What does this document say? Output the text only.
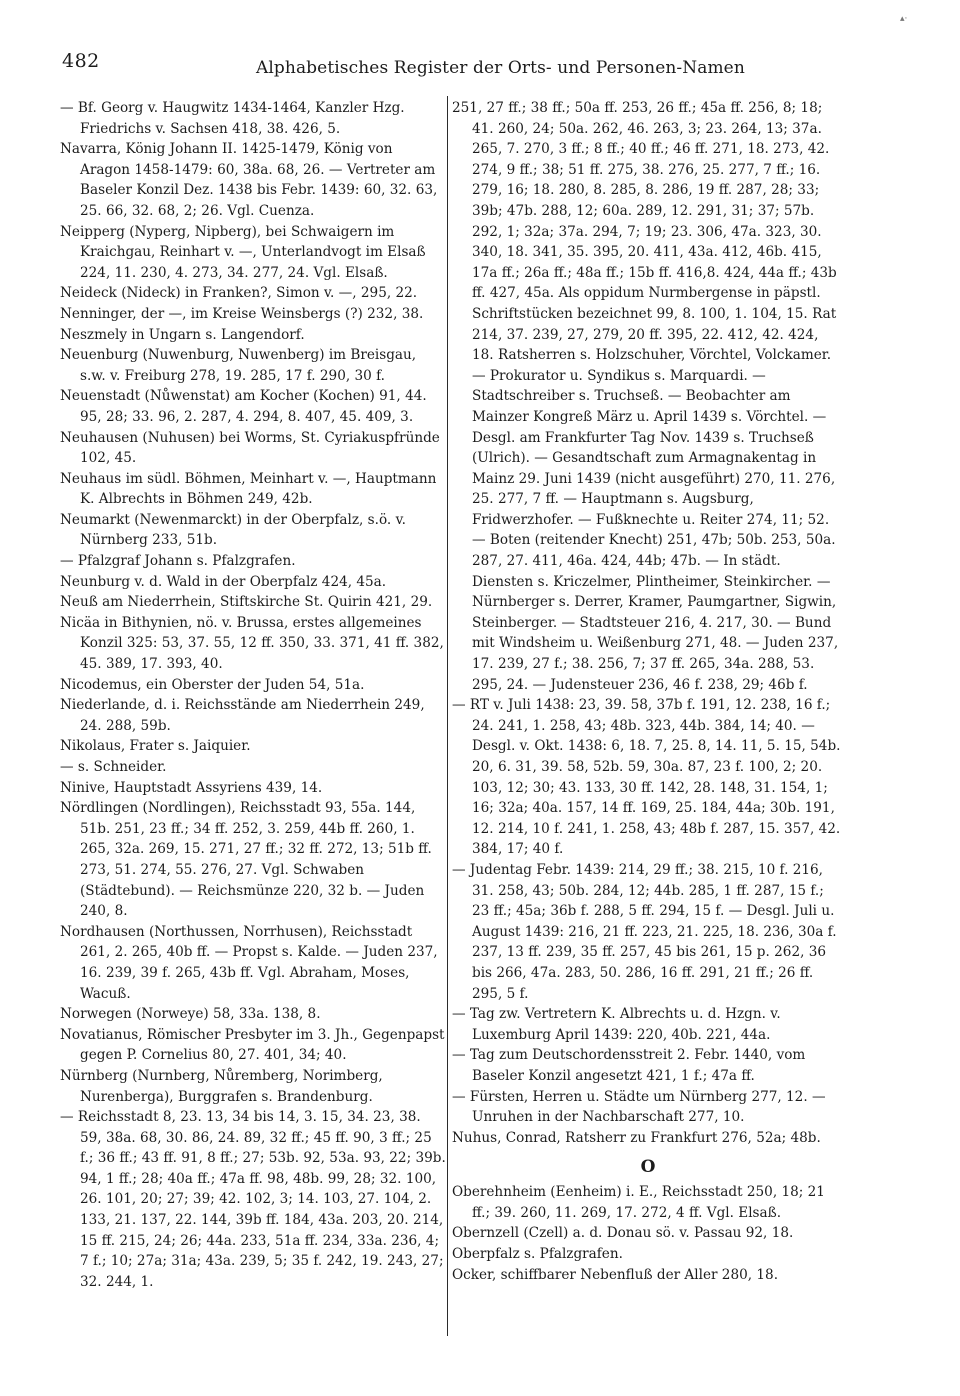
▴·
482	Alphabetisches Register der Orts- und Personen-Namen

— Bf. Georg v. Haugwitz 1434-1464, Kanzler Hzg. Friedrichs v. Sachsen 418, 38. 426, 5.

Navarra, König Johann II. 1425-1479, König von Aragon 1458-1479: 60, 38a. 68, 26. — Vertreter am Baseler Konzil Dez. 1438 bis Febr. 1439: 60, 32. 63, 25. 66, 32. 68, 2; 26. Vgl. Cuenza.

Neipperg (Nyperg, Nipberg), bei Schwaigern im Kraichgau, Reinhart v. —, Unterlandvogt im Elsaß 224, 11. 230, 4. 273, 34. 277, 24. Vgl. Elsaß.

Neideck (Nideck) in Franken?, Simon v. —, 295, 22.

Nenninger, der —, im Kreise Weinsbergs (?) 232, 38.

Neszmely in Ungarn s. Langendorf.

Neuenburg (Nuwenburg, Nuwenberg) im Breisgau, s.w. v. Freiburg 278, 19. 285, 17 f. 290, 30 f.

Neuenstadt (Nůwenstat) am Kocher (Kochen) 91, 44. 95, 28; 33. 96, 2. 287, 4. 294, 8. 407, 45. 409, 3.

Neuhausen (Nuhusen) bei Worms, St. Cyriakuspfründe 102, 45.

Neuhaus im südl. Böhmen, Meinhart v. —, Hauptmann K. Albrechts in Böhmen 249, 42b.

Neumarkt (Newenmarckt) in der Oberpfalz, s.ö. v. Nürnberg 233, 51b.

— Pfalzgraf Johann s. Pfalzgrafen.

Neunburg v. d. Wald in der Oberpfalz 424, 45a.

Neuß am Niederrhein, Stiftskirche St. Quirin 421, 29.

Nicäa in Bithynien, nö. v. Brussa, erstes allgemeines Konzil 325: 53, 37. 55, 12 ff. 350, 33. 371, 41 ff. 382, 45. 389, 17. 393, 40.

Nicodemus, ein Oberster der Juden 54, 51a.

Niederlande, d. i. Reichsstände am Niederrhein 249, 24. 288, 59b.

Nikolaus, Frater s. Jaiquier.

— s. Schneider.

Ninive, Hauptstadt Assyriens 439, 14.

Nördlingen (Nordlingen), Reichsstadt 93, 55a. 144, 51b. 251, 23 ff.; 34 ff. 252, 3. 259, 44b ff. 260, 1. 265, 32a. 269, 15. 271, 27 ff.; 32 ff. 272, 13; 51b ff. 273, 51. 274, 55. 276, 27. Vgl. Schwaben (Städtebund). — Reichsmünze 220, 32 b. — Juden 240, 8.

Nordhausen (Northussen, Norrhusen), Reichsstadt 261, 2. 265, 40b ff. — Propst s. Kalde. — Juden 237, 16. 239, 39 f. 265, 43b ff. Vgl. Abraham, Moses, Wacuß.

Norwegen (Norweye) 58, 33a. 138, 8.

Novatianus, Römischer Presbyter im 3. Jh., Gegenpapst gegen P. Cornelius 80, 27. 401, 34; 40.

Nürnberg (Nurnberg, Nůremberg, Norimberg, Nurenberga), Burggrafen s. Brandenburg.

— Reichsstadt 8, 23. 13, 34 bis 14, 3. 15, 34. 23, 38. 59, 38a. 68, 30. 86, 24. 89, 32 ff.; 45 ff. 90, 3 ff.; 25 f.; 36 ff.; 43 ff. 91, 8 ff.; 27; 53b. 92, 53a. 93, 22; 39b. 94, 1 ff.; 28; 40a ff.; 47a ff. 98, 48b. 99, 28; 32. 100, 26. 101, 20; 27; 39; 42. 102, 3; 14. 103, 27. 104, 2. 133, 21. 137, 22. 144, 39b ff. 184, 43a. 203, 20. 214, 15 ff. 215, 24; 26; 44a. 233, 51a ff. 234, 33a. 236, 4; 7 f.; 10; 27a; 31a; 43a. 239, 5; 35 f. 242, 19. 243, 27; 32. 244, 1.

251, 27 ff.; 38 ff.; 50a ff. 253, 26 ff.; 45a ff. 256, 8; 18; 41. 260, 24; 50a. 262, 46. 263, 3; 23. 264, 13; 37a. 265, 7. 270, 3 ff.; 8 ff.; 40 ff.; 46 ff. 271, 18. 273, 42. 274, 9 ff.; 38; 51 ff. 275, 38. 276, 25. 277, 7 ff.; 16. 279, 16; 18. 280, 8. 285, 8. 286, 19 ff. 287, 28; 33; 39b; 47b. 288, 12; 60a. 289, 12. 291, 31; 37; 57b. 292, 1; 32a; 37a. 294, 7; 19; 23. 306, 47a. 323, 30. 340, 18. 341, 35. 395, 20. 411, 43a. 412, 46b. 415, 17a ff.; 26a ff.; 48a ff.; 15b ff. 416,8. 424, 44a ff.; 43b ff. 427, 45a. Als oppidum Nurmbergense in päpstl. Schriftstücken bezeichnet 99, 8. 100, 1. 104, 15. Rat 214, 37. 239, 27, 279, 20 ff. 395, 22. 412, 42. 424, 18. Ratsherren s. Holzschuher, Vörchtel, Volckamer. — Prokurator u. Syndikus s. Marquardi. — Stadtschreiber s. Truchseß. — Beobachter am Mainzer Kongreß März u. April 1439 s. Vörchtel. — Desgl. am Frankfurter Tag Nov. 1439 s. Truchseß (Ulrich). — Gesandtschaft zum Armagnakentag in Mainz 29. Juni 1439 (nicht ausgeführt) 270, 11. 276, 25. 277, 7 ff. — Hauptmann s. Augsburg, Fridwerzhofer. — Fußknechte u. Reiter 274, 11; 52. — Boten (reitender Knecht) 251, 47b; 50b. 253, 50a. 287, 27. 411, 46a. 424, 44b; 47b. — In städt. Diensten s. Kriczelmer, Plintheimer, Steinkircher. — Nürnberger s. Derrer, Kramer, Paumgartner, Sigwin, Steinberger. — Stadtsteuer 216, 4. 217, 30. — Bund mit Windsheim u. Weißenburg 271, 48. — Juden 237, 17. 239, 27 f.; 38. 256, 7; 37 ff. 265, 34a. 288, 53. 295, 24. — Judensteuer 236, 46 f. 238, 29; 46b f.

— RT v. Juli 1438: 23, 39. 58, 37b f. 191, 12. 238, 16 f.; 24. 241, 1. 258, 43; 48b. 323, 44b. 384, 14; 40. — Desgl. v. Okt. 1438: 6, 18. 7, 25. 8, 14. 11, 5. 15, 54b. 20, 6. 31, 39. 58, 52b. 59, 30a. 87, 23 f. 100, 2; 20. 103, 12; 30; 43. 133, 30 ff. 142, 28. 148, 31. 154, 1; 16; 32a; 40a. 157, 14 ff. 169, 25. 184, 44a; 30b. 191, 12. 214, 10 f. 241, 1. 258, 43; 48b f. 287, 15. 357, 42. 384, 17; 40 f.

— Judentag Febr. 1439: 214, 29 ff.; 38. 215, 10 f. 216, 31. 258, 43; 50b. 284, 12; 44b. 285, 1 ff. 287, 15 f.; 23 ff.; 45a; 36b f. 288, 5 ff. 294, 15 f. — Desgl. Juli u. August 1439: 216, 21 ff. 223, 21. 225, 18. 236, 30a f. 237, 13 ff. 239, 35 ff. 257, 45 bis 261, 15 p. 262, 36 bis 266, 47a. 283, 50. 286, 16 ff. 291, 21 ff.; 26 ff. 295, 5 f.

— Tag zw. Vertretern K. Albrechts u. d. Hzgn. v. Luxemburg April 1439: 220, 40b. 221, 44a.

— Tag zum Deutschordensstreit 2. Febr. 1440, vom Baseler Konzil angesetzt 421, 1 f.; 47a ff.

— Fürsten, Herren u. Städte um Nürnberg 277, 12. — Unruhen in der Nachbarschaft 277, 10.

Nuhus, Conrad, Ratsherr zu Frankfurt 276, 52a; 48b.

O

Oberehnheim (Eenheim) i. E., Reichsstadt 250, 18; 21 ff.; 39. 260, 11. 269, 17. 272, 4 ff. Vgl. Elsaß.

Obernzell (Czell) a. d. Donau sö. v. Passau 92, 18.

Oberpfalz s. Pfalzgrafen.

Ocker, schiffbarer Nebenfluß der Aller 280, 18.
